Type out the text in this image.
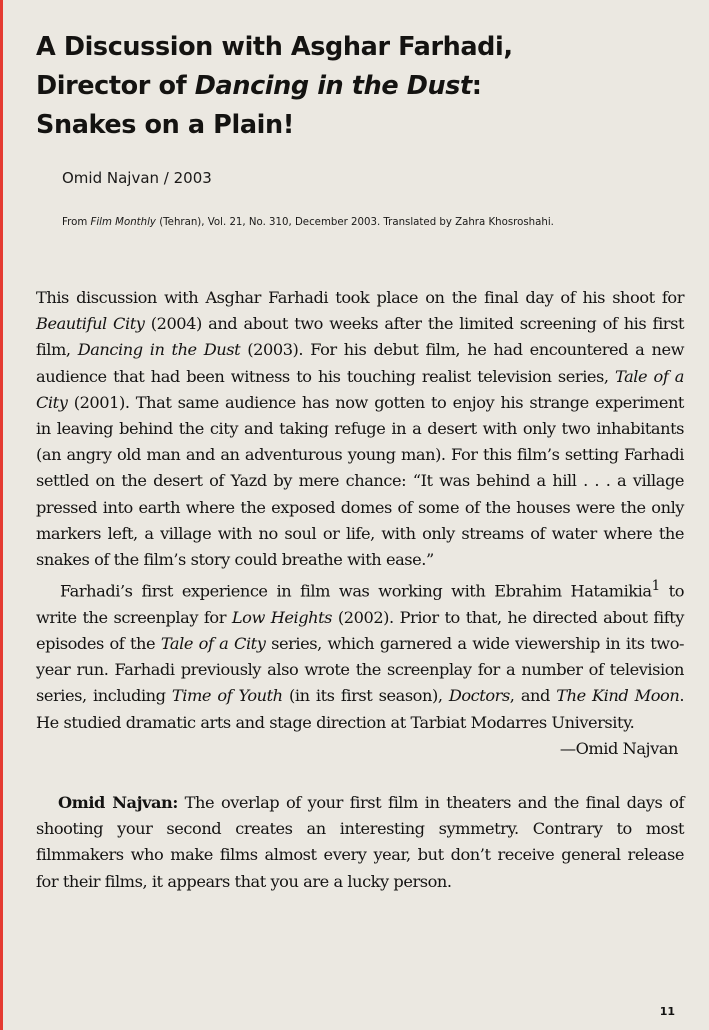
A Discussion with Asghar Farhadi,
Director of Dancing in the Dust:
Snakes on a Plain!
Omid Najvan / 2003
From Film Monthly (Tehran), Vol. 21, No. 310, December 2003. Translated by Zahra Khosroshahi.

This discussion with Asghar Farhadi took place on the final day of his shoot for Beautiful City (2004) and about two weeks after the limited screening of his first film, Dancing in the Dust (2003). For his debut film, he had encountered a new audience that had been witness to his touching realist television series, Tale of a City (2001). That same audience has now gotten to enjoy his strange experiment in leaving behind the city and taking refuge in a desert with only two inhabitants (an angry old man and an adventurous young man). For this film’s setting Farhadi settled on the desert of Yazd by mere chance: “It was behind a hill . . . a village pressed into earth where the exposed domes of some of the houses were the only markers left, a village with no soul or life, with only streams of water where the snakes of the film’s story could breathe with ease.”

Farhadi’s first experience in film was working with Ebrahim Hatamikia$^1$ to write the screenplay for Low Heights (2002). Prior to that, he directed about fifty episodes of the Tale of a City series, which garnered a wide viewership in its two-year run. Farhadi previously also wrote the screenplay for a number of television series, including Time of Youth (in its first season), Doctors, and The Kind Moon. He studied dramatic arts and stage direction at Tarbiat Modarres University.

—Omid Najvan

Omid Najvan: The overlap of your first film in theaters and the final days of shooting your second creates an interesting symmetry. Contrary to most filmmakers who make films almost every year, but don’t receive general release for their films, it appears that you are a lucky person.

11
